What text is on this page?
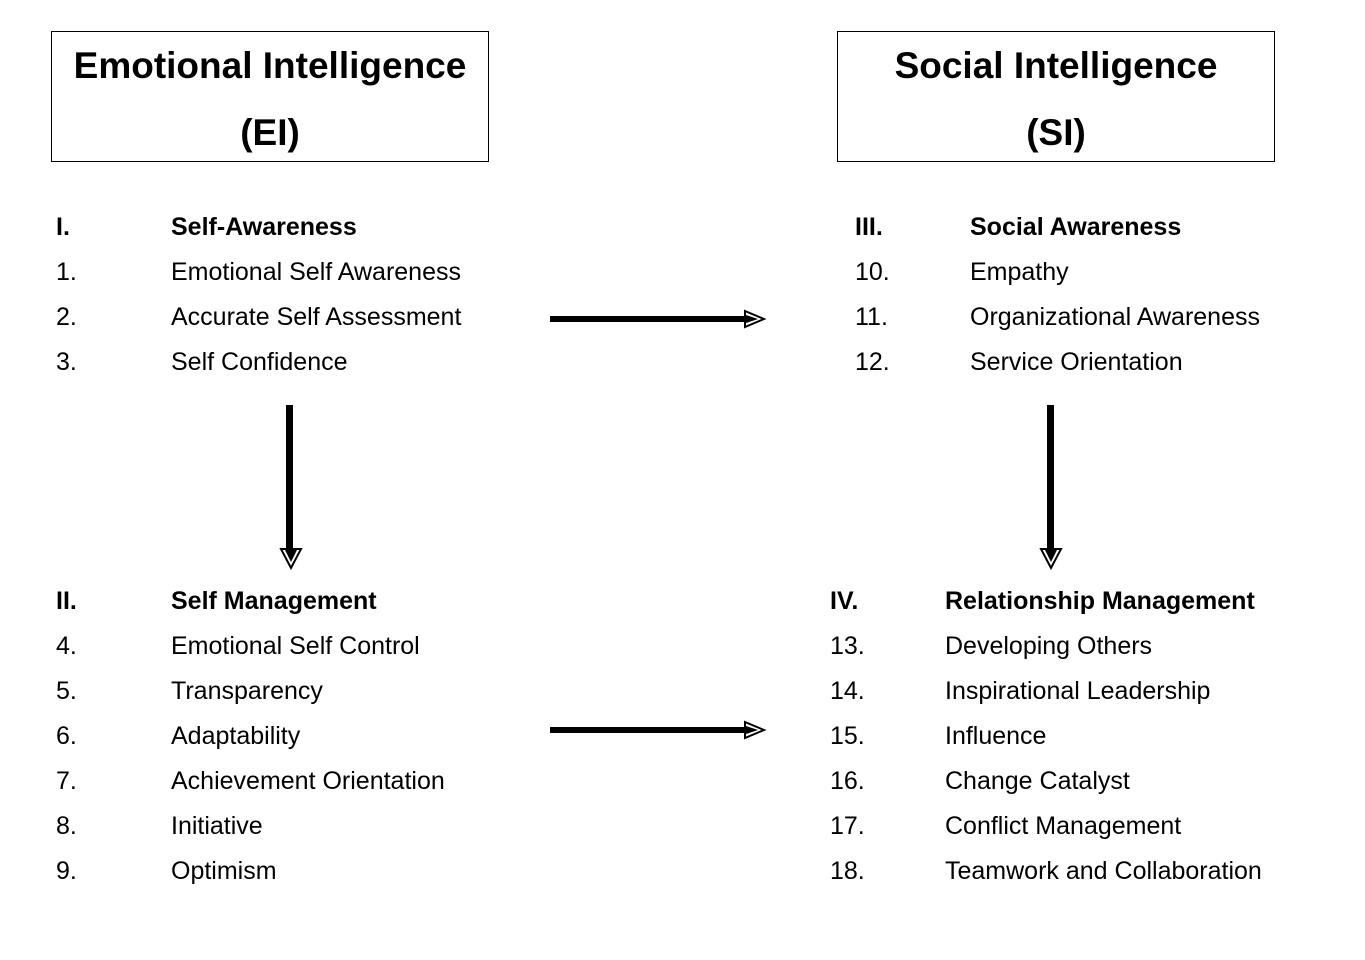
Emotional Intelligence
(EI)
Social Intelligence
(SI)
I.	Self-Awareness
1.	Emotional Self Awareness
2.	Accurate Self Assessment
3.	Self Confidence
III.	Social Awareness
10.	Empathy
11.	Organizational Awareness
12.	Service Orientation
II.	Self Management
4.	Emotional Self Control
5.	Transparency
6.	Adaptability
7.	Achievement Orientation
8.	Initiative
9.	Optimism
IV.	Relationship Management
13.	Developing Others
14.	Inspirational Leadership
15.	Influence
16.	Change Catalyst
17.	Conflict Management
18.	Teamwork and Collaboration
